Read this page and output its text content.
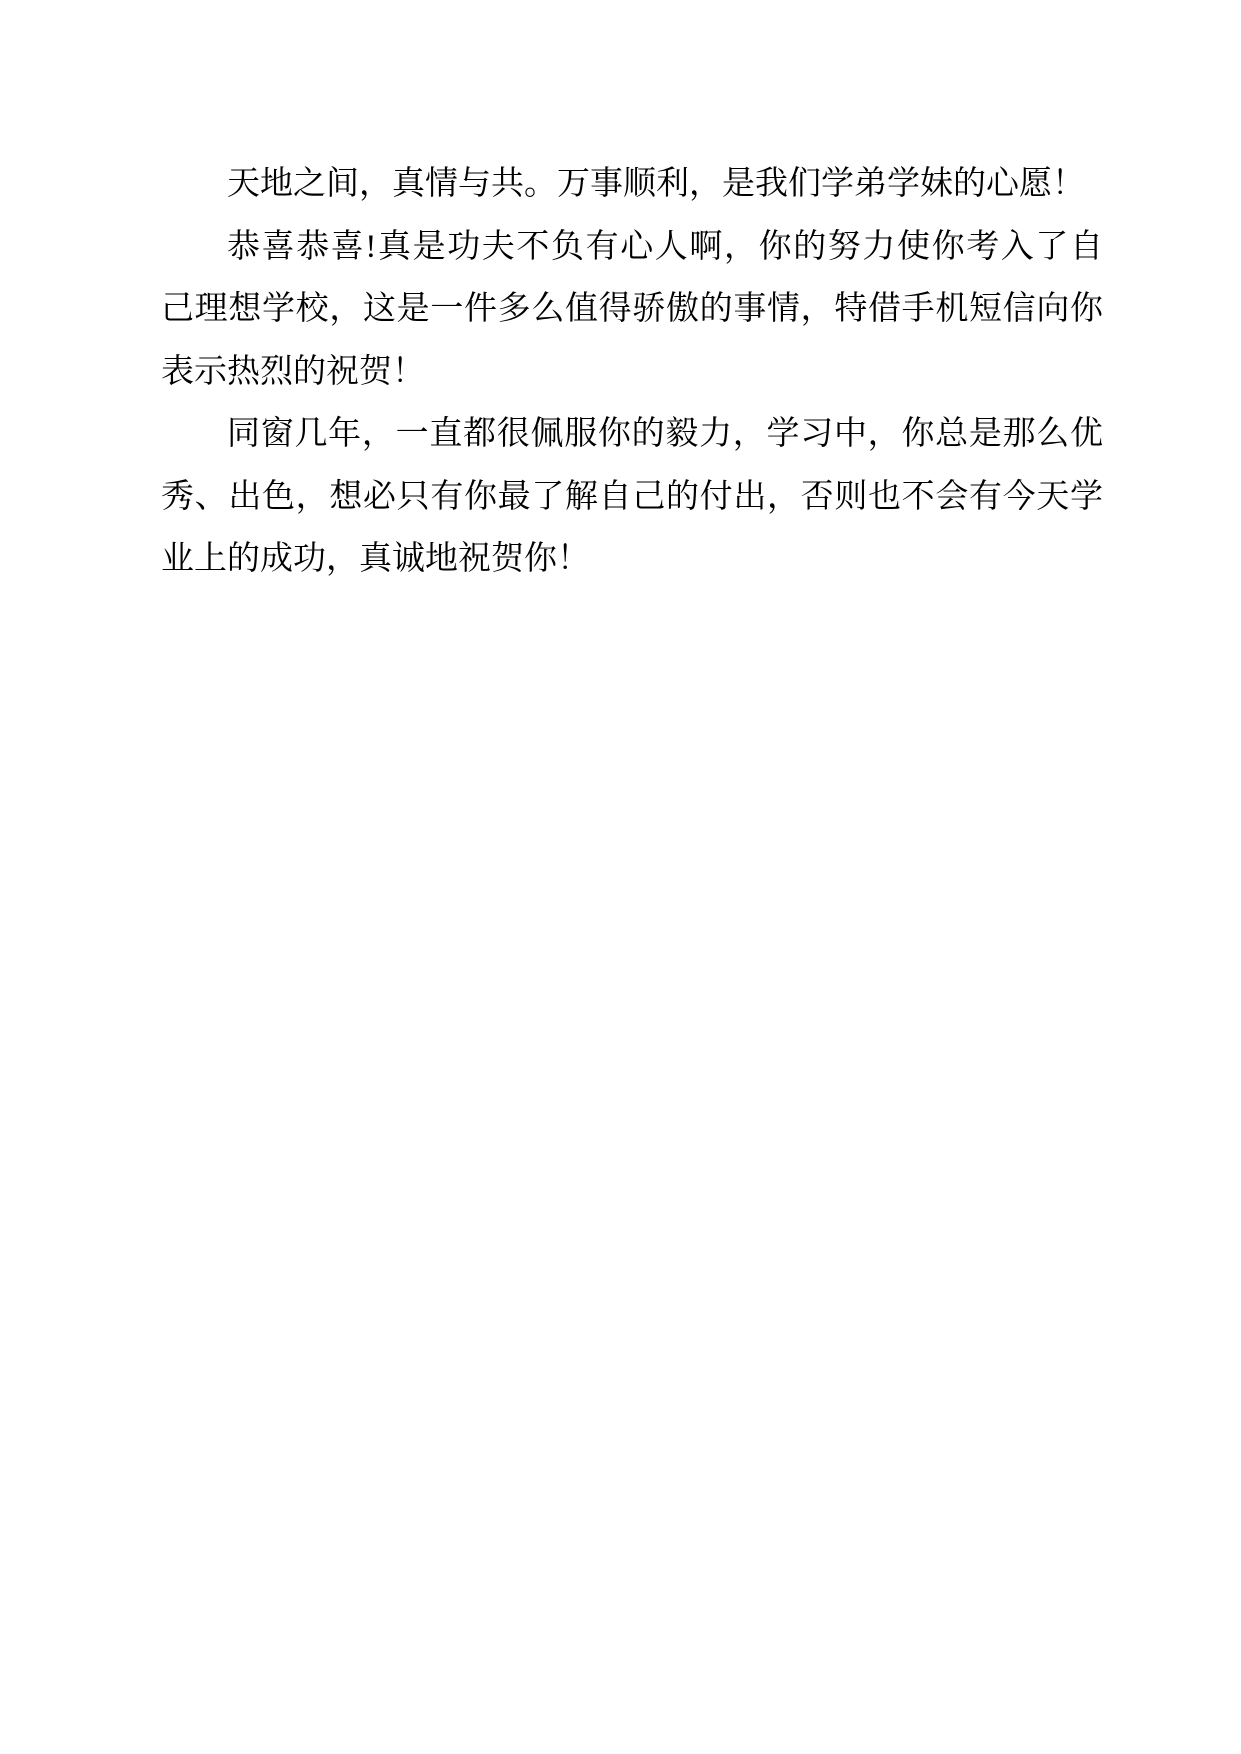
天地之间，真情与共。万事顺利，是我们学弟学妹的心愿！

恭喜恭喜!真是功夫不负有心人啊，你的努力使你考入了自

己理想学校，这是一件多么值得骄傲的事情，特借手机短信向你

表示热烈的祝贺！

同窗几年，一直都很佩服你的毅力，学习中，你总是那么优

秀、出色，想必只有你最了解自己的付出，否则也不会有今天学

业上的成功，真诚地祝贺你！
